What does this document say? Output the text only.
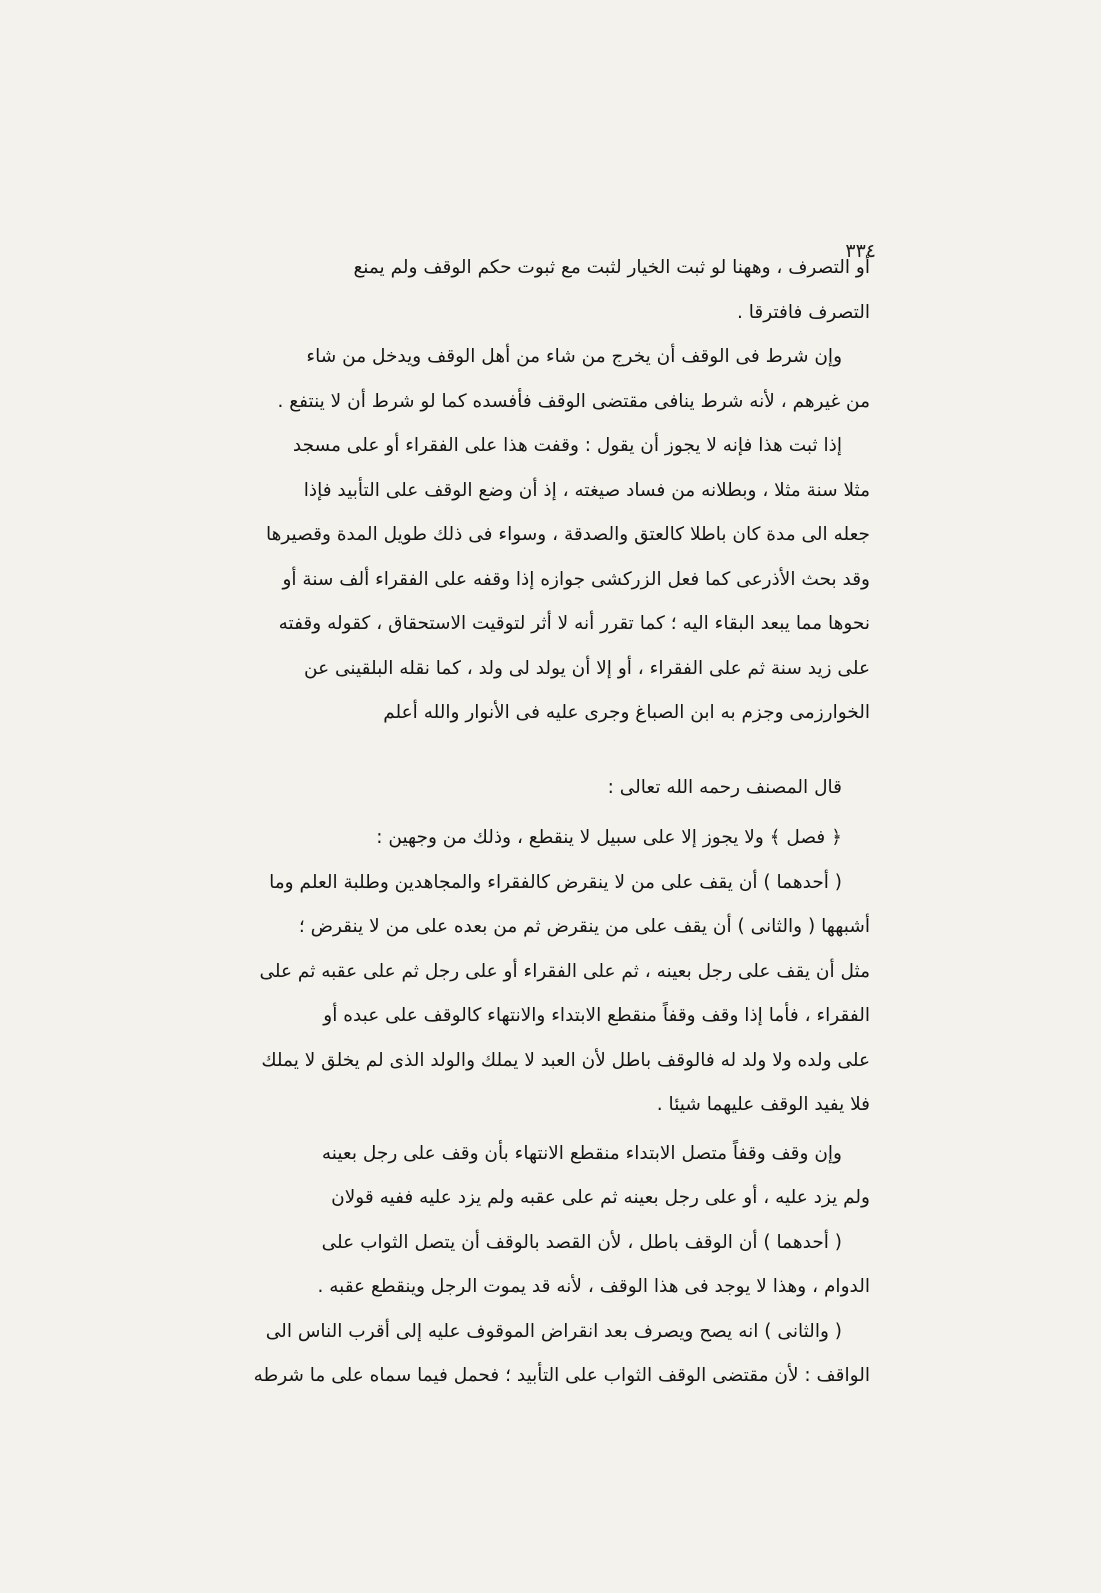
٣٣٤
أو التصرف ، وههنا لو ثبت الخيار لثبت مع ثبوت حكم الوقف ولم يمنع
التصرف فافترقا .
وإن شرط فى الوقف أن يخرج من شاء من أهل الوقف ويدخل من شاء
من غيرهم ، لأنه شرط ينافى مقتضى الوقف فأفسده كما لو شرط أن لا ينتفع .
إذا ثبت هذا فإنه لا يجوز أن يقول : وقفت هذا على الفقراء أو على مسجد
مثلا سنة مثلا ، وبطلانه من فساد صيغته ، إذ أن وضع الوقف على التأبيد فإذا
جعله الى مدة كان باطلا كالعتق والصدقة ، وسواء فى ذلك طويل المدة وقصيرها
وقد بحث الأذرعى كما فعل الزركشى جوازه إذا وقفه على الفقراء ألف سنة أو
نحوها مما يبعد البقاء اليه ؛ كما تقرر أنه لا أثر لتوقيت الاستحقاق ، كقوله وقفته
على زيد سنة ثم على الفقراء ، أو إلا أن يولد لى ولد ، كما نقله البلقينى عن
الخوارزمى وجزم به ابن الصباغ وجرى عليه فى الأنوار والله أعلم
قال المصنف رحمه الله تعالى :
﴿ فصل ﴾ ولا يجوز إلا على سبيل لا ينقطع ، وذلك من وجهين :
( أحدهما ) أن يقف على من لا ينقرض كالفقراء والمجاهدين وطلبة العلم وما
أشبهها ( والثانى ) أن يقف على من ينقرض ثم من بعده على من لا ينقرض ؛
مثل أن يقف على رجل بعينه ، ثم على الفقراء أو على رجل ثم على عقبه ثم على
الفقراء ، فأما إذا وقف وقفاً منقطع الابتداء والانتهاء كالوقف على عبده أو
على ولده ولا ولد له فالوقف باطل لأن العبد لا يملك والولد الذى لم يخلق لا يملك
فلا يفيد الوقف عليهما شيئا .
وإن وقف وقفاً متصل الابتداء منقطع الانتهاء بأن وقف على رجل بعينه
ولم يزد عليه ، أو على رجل بعينه ثم على عقبه ولم يزد عليه ففيه قولان
( أحدهما ) أن الوقف باطل ، لأن القصد بالوقف أن يتصل الثواب على
الدوام ، وهذا لا يوجد فى هذا الوقف ، لأنه قد يموت الرجل وينقطع عقبه .
( والثانى ) انه يصح ويصرف بعد انقراض الموقوف عليه إلى أقرب الناس الى
الواقف : لأن مقتضى الوقف الثواب على التأبيد ؛ فحمل فيما سماه على ما شرطه
